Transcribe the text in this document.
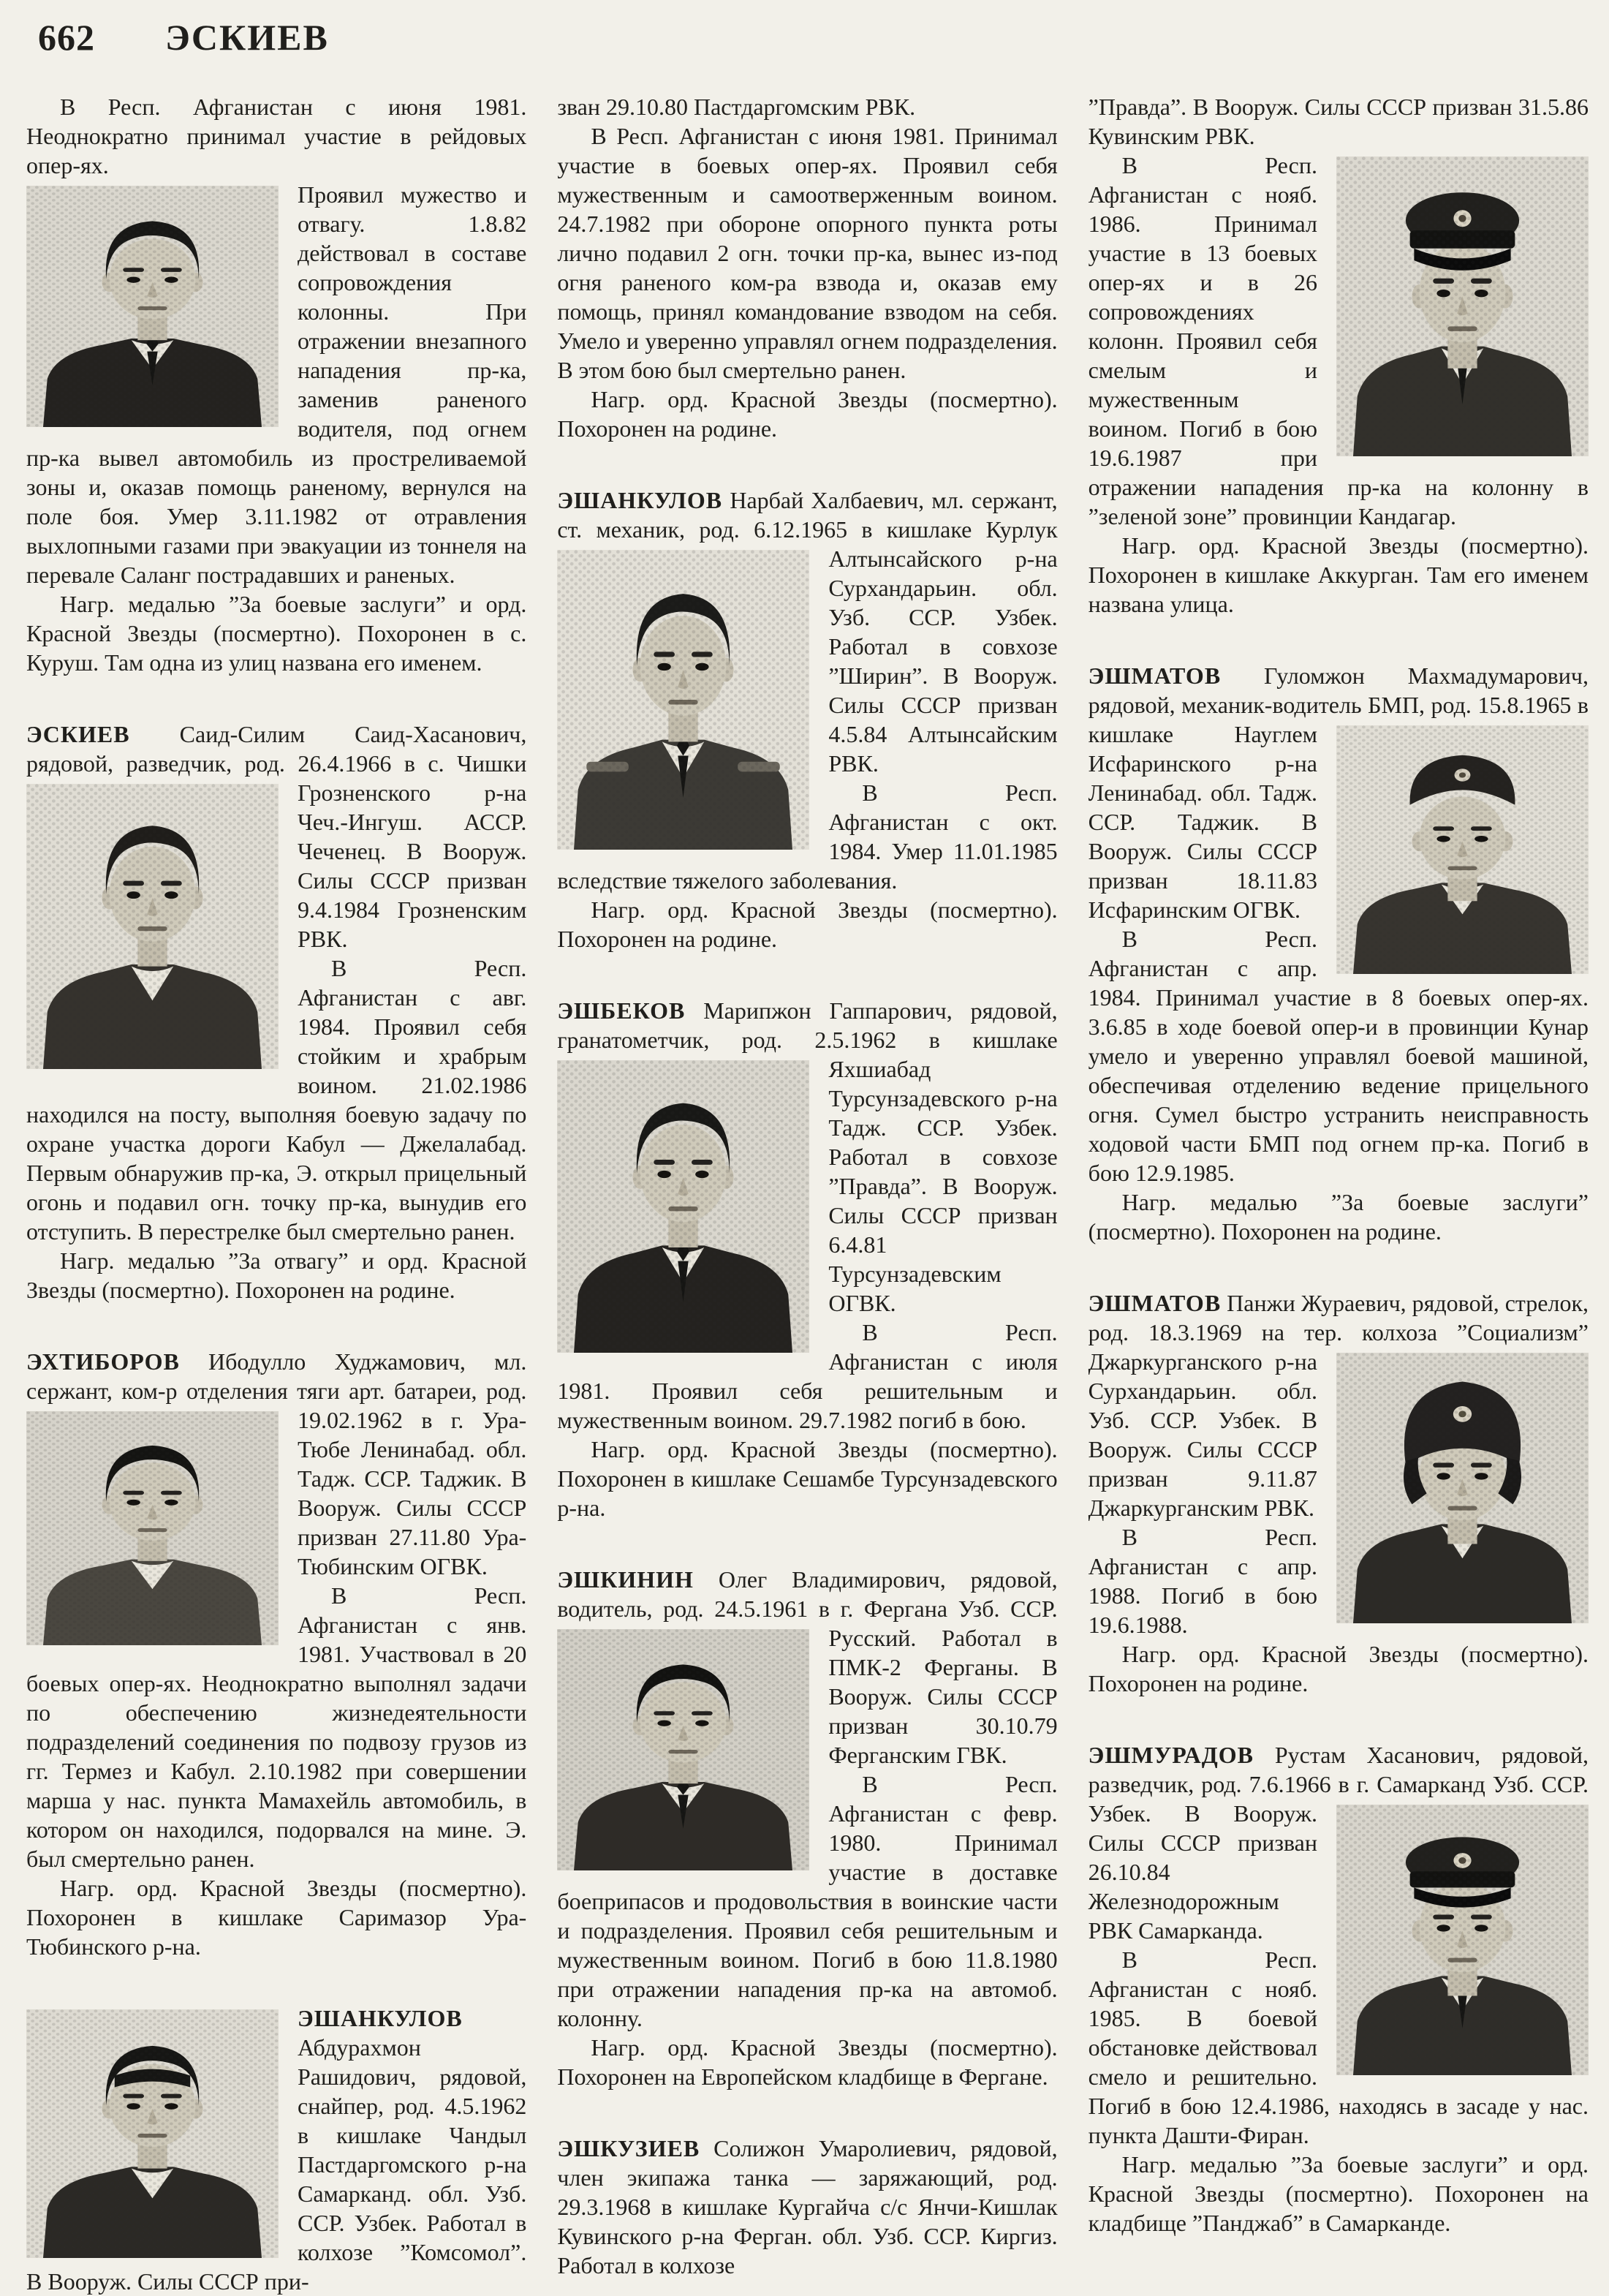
662 ЭСКИЕВ

В Респ. Афганистан с июня 1981. Неоднократно принимал участие в рейдовых опер-ях.

Проявил мужество и отвагу. 1.8.82 действовал в составе сопровождения колонны. При отражении внезапного нападения пр-ка, заменив раненого водителя, под огнем пр-ка вывел автомобиль из простреливаемой зоны и, оказав помощь раненому, вернулся на поле боя. Умер 3.11.1982 от отравления выхлопными газами при эвакуации из тоннеля на перевале Саланг пострадавших и раненых.

Нагр. медалью ”За боевые заслуги” и орд. Красной Звезды (посмертно). Похоронен в с. Куруш. Там одна из улиц названа его именем.

ЭСКИЕВ Саид-Силим Саид-Хасанович, рядовой, разведчик, род. 26.4.1966 в с. Чишки
Грозненского р-на Чеч.-Ингуш. АССР. Чеченец. В Вооруж. Силы СССР призван 9.4.1984 Грозненским РВК.

В Респ. Афганистан с авг. 1984. Проявил себя стойким и храбрым воином. 21.02.1986 находился на посту, выполняя боевую задачу по охране участка дороги Кабул — Джелалабад. Первым обнаружив пр-ка, Э. открыл прицельный огонь и подавил огн. точку пр-ка, вынудив его отступить. В перестрелке был смертельно ранен.

Нагр. медалью ”За отвагу” и орд. Красной Звезды (посмертно). Похоронен на родине.

ЭХТИБОРОВ Ибодулло Худжамович, мл. сержант, ком-р отделения тяги арт. батареи, род. 19.02.1962 в
г. Ура-Тюбе Ленинабад. обл. Тадж. ССР. Таджик. В Вооруж. Силы СССР призван 27.11.80 Ура-Тюбинским ОГВК.

В Респ. Афганистан с янв. 1981. Участвовал в 20 боевых опер-ях. Неоднократно выполнял задачи по обеспечению жизнедеятельности подразделений соединения по подвозу грузов из гг. Термез и Кабул. 2.10.1982 при совершении марша у нас. пункта Мамахейль автомобиль, в котором он находился, подорвался на мине. Э. был смертельно ранен.

Нагр. орд. Красной Звезды (посмертно). Похоронен в кишлаке Саримазор Ура-Тюбинского р-на.

ЭШАНКУЛОВ Абдурахмон Рашидович, рядовой, снайпер, род. 4.5.1962 в кишлаке Чандыл Пастдаргомского р-на Самарканд. обл. Узб. ССР. Узбек. Работал в колхозе ”Комсомол”. В Вооруж. Силы СССР при-

зван 29.10.80 Пастдаргомским РВК.

В Респ. Афганистан с июня 1981. Принимал участие в боевых опер-ях. Проявил себя мужественным и самоотверженным воином. 24.7.1982 при обороне опорного пункта роты лично подавил 2 огн. точки пр-ка, вынес из-под огня раненого ком-ра взвода и, оказав ему помощь, принял командование взводом на себя. Умело и уверенно управлял огнем подразделения. В этом бою был смертельно ранен.

Нагр. орд. Красной Звезды (посмертно). Похоронен на родине.

ЭШАНКУЛОВ Нарбай Халбаевич, мл. сержант, ст. механик, род. 6.12.1965
в кишлаке Курлук Алтынсайского р-на Сурхандарьин. обл. Узб. ССР. Узбек. Работал в совхозе ”Ширин”. В Вооруж. Силы СССР призван 4.5.84 Алтынсайским РВК.

В Респ. Афганистан с окт. 1984. Умер 11.01.1985 вследствие тяжелого заболевания.

Нагр. орд. Красной Звезды (посмертно). Похоронен на родине.

ЭШБЕКОВ Марипжон Гаппарович, рядовой, гранатометчик, род. 2.5.1962 в кишлаке
Яхшиабад Турсунзадевского р-на Тадж. ССР. Узбек. Работал в совхозе ”Правда”. В Вооруж. Силы СССР призван 6.4.81 Турсунзадевским ОГВК.

В Респ. Афганистан с июля 1981. Проявил себя решительным и мужественным воином. 29.7.1982 погиб в бою.

Нагр. орд. Красной Звезды (посмертно). Похоронен в кишлаке Сешамбе Турсунзадевского р-на.

ЭШКИНИН Олег Владимирович, рядовой, водитель, род. 24.5.1961 в г. Фергана Узб.
ССР. Русский. Работал в ПМК-2 Ферганы. В Вооруж. Силы СССР призван 30.10.79 Ферганским ГВК.

В Респ. Афганистан с февр. 1980. Принимал участие в доставке боеприпасов и продовольствия в воинские части и подразделения. Проявил себя решительным и мужественным воином. Погиб в бою 11.8.1980 при отражении нападения пр-ка на автомоб. колонну.

Нагр. орд. Красной Звезды (посмертно). Похоронен на Европейском кладбище в Фергане.

ЭШКУЗИЕВ Солижон Умаролиевич, рядовой, член экипажа танка — заряжающий, род. 29.3.1968 в кишлаке Кургайча с/с Янчи-Кишлак Кувинского р-на Ферган. обл. Узб. ССР. Киргиз. Работал в колхозе

”Правда”. В Вооруж. Силы СССР призван 31.5.86 Кувинским РВК.

В Респ. Афганистан с нояб. 1986. Принимал участие в 13 боевых опер-ях и в 26 сопровождениях колонн. Проявил себя смелым и мужественным воином. Погиб в бою 19.6.1987 при отражении нападения пр-ка на колонну в ”зеленой зоне” провинции Кандагар.

Нагр. орд. Красной Звезды (посмертно). Похоронен в кишлаке Аккурган. Там его именем названа улица.

ЭШМАТОВ Гуломжон Махмадумарович, рядовой, механик-водитель БМП, род.
15.8.1965 в кишлаке Науглем Исфаринского р-на Ленинабад. обл. Тадж. ССР. Таджик. В Вооруж. Силы СССР призван 18.11.83 Исфаринским ОГВК.

В Респ. Афганистан с апр. 1984. Принимал участие в 8 боевых опер-ях. 3.6.85 в ходе боевой опер-и в провинции Кунар умело и уверенно управлял боевой машиной, обеспечивая отделению ведение прицельного огня. Сумел быстро устранить неисправность ходовой части БМП под огнем пр-ка. Погиб в бою 12.9.1985.

Нагр. медалью ”За боевые заслуги” (посмертно). Похоронен на родине.

ЭШМАТОВ Панжи Жураевич, рядовой, стрелок, род. 18.3.1969 на тер. колхоза
”Социализм” Джаркурганского р-на Сурхандарьин. обл. Узб. ССР. Узбек. В Вооруж. Силы СССР призван 9.11.87 Джаркурганским РВК.

В Респ. Афганистан с апр. 1988. Погиб в бою 19.6.1988.

Нагр. орд. Красной Звезды (посмертно). Похоронен на родине.

ЭШМУРАДОВ Рустам Хасанович, рядовой, разведчик, род. 7.6.1966 в г. Самарканд Узб. ССР. Узбек.
В Вооруж. Силы СССР призван 26.10.84 Железнодорожным РВК Самарканда.

В Респ. Афганистан с нояб. 1985. В боевой обстановке действовал смело и решительно. Погиб в бою 12.4.1986, находясь в засаде у нас. пункта Дашти-Фиран.

Нагр. медалью ”За боевые заслуги” и орд. Красной Звезды (посмертно). Похоронен на кладбище ”Панджаб” в Самарканде.
